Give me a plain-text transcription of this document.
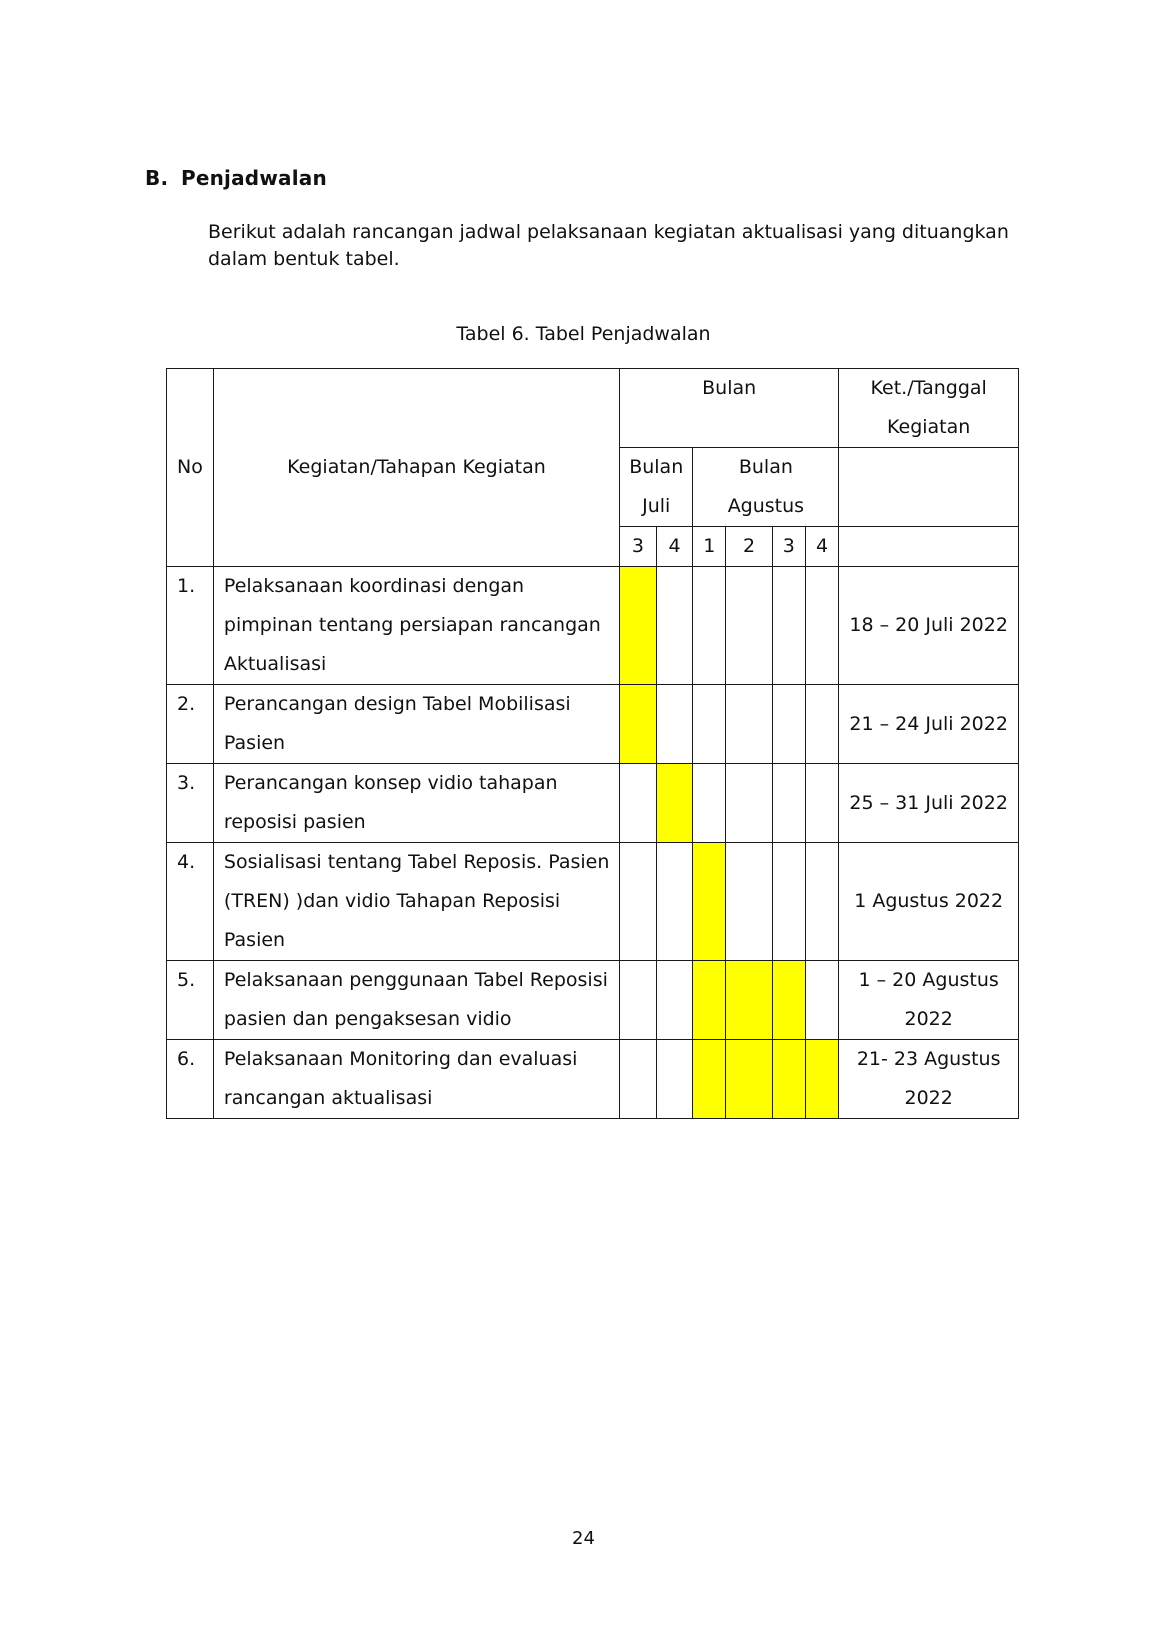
B. Penjadwalan

Berikut adalah rancangan jadwal pelaksanaan kegiatan aktualisasi yang dituangkan dalam bentuk tabel.

Tabel 6. Tabel Penjadwalan

No	Kegiatan/Tahapan Kegiatan	Bulan						Ket./Tanggal Kegiatan
		Bulan Juli		Bulan Agustus				
		3	4	1	2	3	4	
1.	Pelaksanaan koordinasi dengan pimpinan tentang persiapan rancangan Aktualisasi							18 – 20 Juli 2022
2.	Perancangan design Tabel Mobilisasi Pasien							21 – 24 Juli 2022
3.	Perancangan konsep vidio tahapan reposisi pasien							25 – 31 Juli 2022
4.	Sosialisasi tentang Tabel Reposis. Pasien (TREN) )dan vidio Tahapan Reposisi Pasien							1 Agustus 2022
5.	Pelaksanaan penggunaan Tabel Reposisi pasien dan pengaksesan vidio							1 – 20 Agustus 2022
6.	Pelaksanaan Monitoring dan evaluasi rancangan aktualisasi							21- 23 Agustus 2022

24
